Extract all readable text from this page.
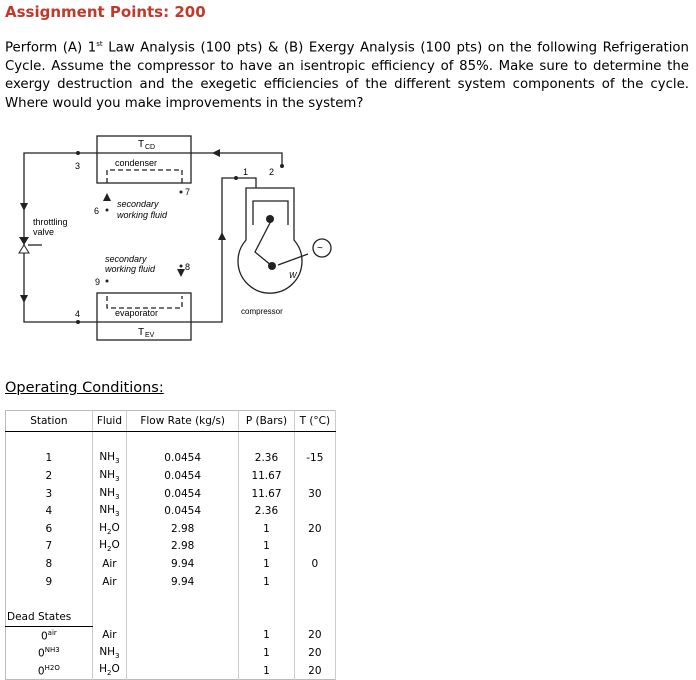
Assignment Points: 200
Perform (A) 1st Law Analysis (100 pts) & (B) Exergy Analysis (100 pts) on the following Refrigeration Cycle. Assume the compressor to have an isentropic efficiency of 85%. Make sure to determine the exergy destruction and the exegetic efficiencies of the different system components of the cycle. Where would you make improvements in the system?
~
T CD
condenser
evaporator
T EV
secondary
working fluid
secondary
working fluid
throttling
valve
compressor
W
1 2
3
4
6
7
8
9
Operating Conditions:
Station	Fluid	Flow Rate (kg/s)	P (Bars)	T (°C)

1	$NH_3$	0.0454	2.36	-15
2	$NH_3$	0.0454	11.67	
3	$NH_3$	0.0454	11.67	30
4	$NH_3$	0.0454	2.36	
6	$H_2O$	2.98	1	20
7	$H_2O$	2.98	1	
8	Air	9.94	1	0
9	Air	9.94	1	

Dead States				
$0^{air}$	Air		1	20
$0^{NH3}$	$NH_3$		1	20
$0^{H2O}$	$H_2O$		1	20
